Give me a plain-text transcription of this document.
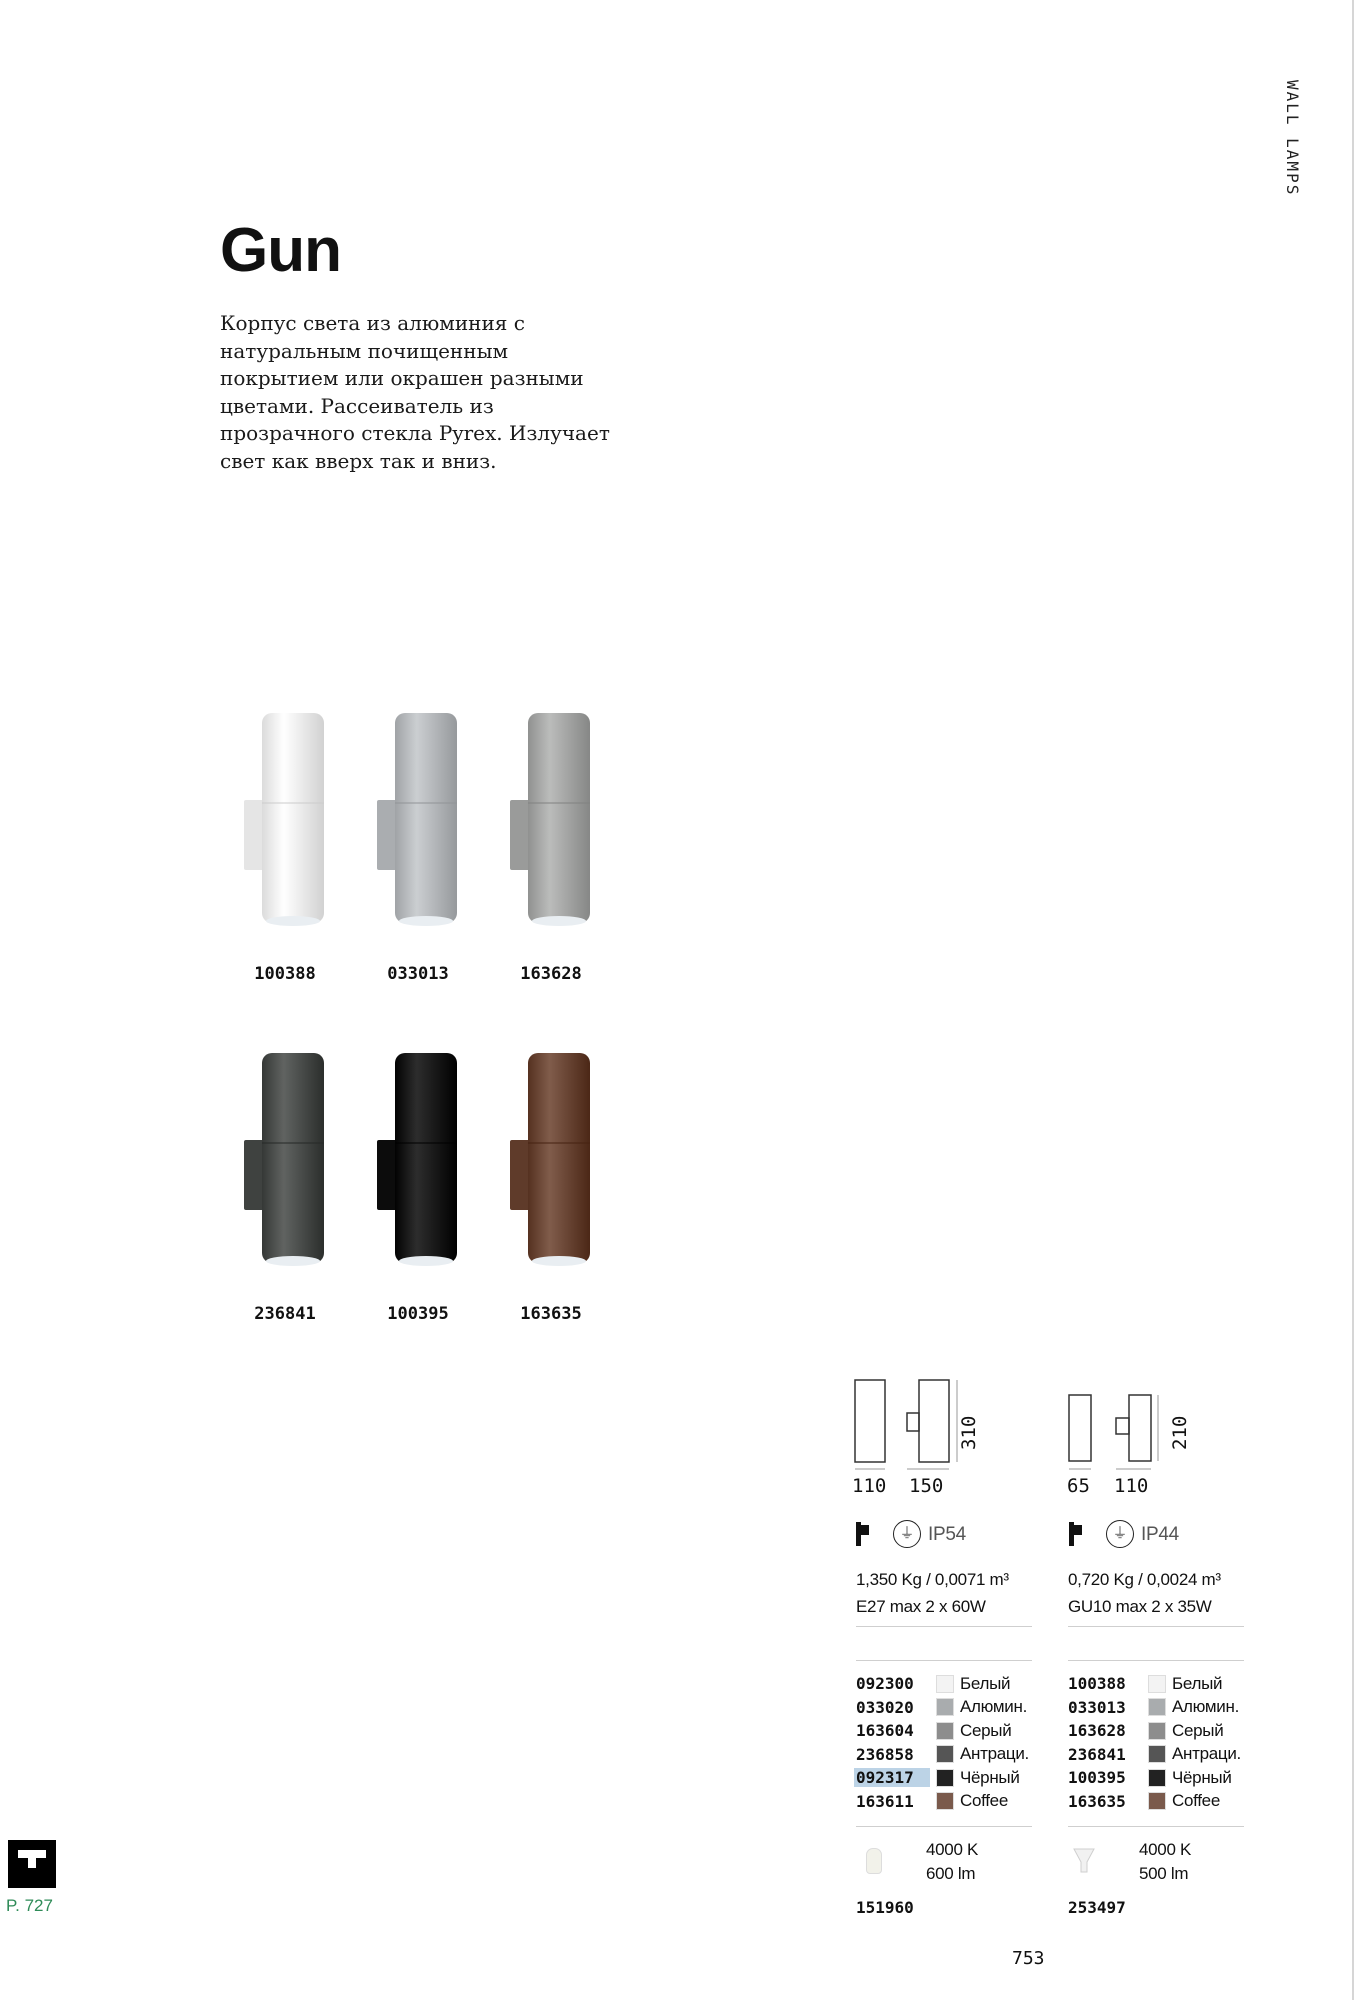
WALL LAMPS
Gun
Корпус света из алюминия с натуральным почищенным покрытием или окрашен разными цветами. Рассеиватель из прозрачного стекла Pyrex. Излучает свет как вверх так и вниз.
100388	033013	163628
236841	100395	163635
110 150
310
⏚ IP54
1,350 Kg / 0,0071 m³
E27 max 2 x 60W
092300	Белый
033020	Алюмин.
163604	Серый
236858	Антраци.
092317	Чёрный
163611	Coffee
4000 K
600 lm
151960
65 110
210
⏚ IP44
0,720 Kg / 0,0024 m³
GU10 max 2 x 35W
100388	Белый
033013	Алюмин.
163628	Серый
236841	Антраци.
100395	Чёрный
163635	Coffee
4000 K
500 lm
253497
P. 727
753
